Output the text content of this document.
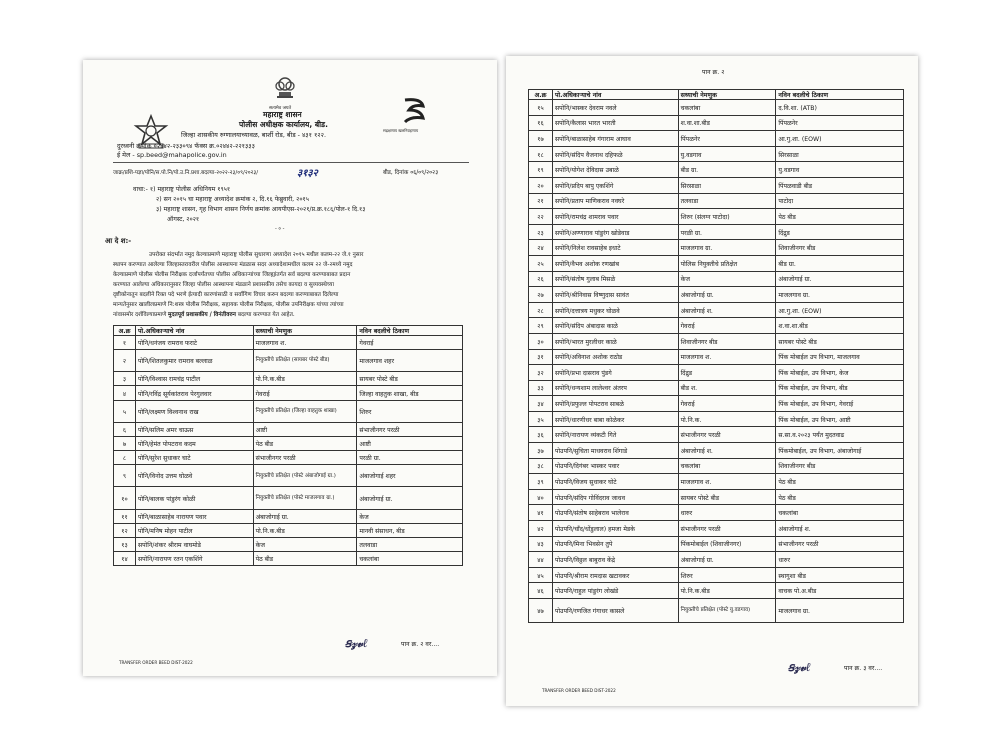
सत्यमेव जयते
सद्रक्षणाय खलनिग्रहणाय
महाराष्ट्र शासन
पोलीस अधीक्षक कार्यालय, बीड.
जिल्हा शासकीय रुग्णालयाच्यावळ, बार्शी रोड, बीड - ४३१ १२२.
दुरध्वनी क्रमांक ०२४४२-२३३०९४ फॅक्स क्र.०२४४२-२२१३३३
ई मेल - sp.beed@mahapolice.gov.in
जाक्र/प्रशि-पज्ञा/पोनि/स.पो.नि/पो.उ.नि.प्रशा.बदल्या-२०२२-२३/०९/२०२३/	३१३२	बीड, दिनांक ०६/०९/२०२३
वाचा:- १) महाराष्ट्र पोलीस अधिनियम १९५१
२) सन २०१५ चा महाराष्ट्र अध्यादेश क्रमांक २, दि.१६ फेब्रुवारी, २०१५
३) महाराष्ट्र शासन, गृह विभाग शासन निर्णय क्रमांक आयपीएस-२०२१/प्र.क्र.१८६/पोल-१ दि.१३
ऑगस्ट, २०२१
- ० -
आ दे श:-
उपरोक्त संदर्भात नमुद केल्याप्रमाणे महाराष्ट्र पोलीस सुधारणा अध्यादेश २०१५ मधील कलम-२२ जे.१ नुसार
स्थापन करण्यात आलेल्या जिल्हास्तरावरील पोलीस आस्थापना मंडळास सदर अध्यादेशामधील कलम २२ जे-२मध्ये नमुद
केल्याप्रमाणे पोलीस पोलीस निरीक्षक दर्जापर्यंतच्या पोलीस अधिकाऱ्यांच्या जिल्ह्यांतर्गत सर्व बदल्या करण्याबाबत प्रदान
करण्यात आलेल्या अधिकारानुसार जिल्हा पोलीस आस्थापना मंडळाने प्रशासकीय तसेच कायदा व सुव्यवस्थेच्या
दृष्टीकोनातुन बदलीने रिक्त पदे भरणे ईत्यादी कारणांसाठी व सर्वांगिण विचार करुन बदल्या करण्याबाबत दिलेल्या
मान्यतेनुसार खालीलप्रमाणे नि:शस्त्र पोलीस निरीक्षक, सहायक पोलीस निरीक्षक, पोलीस उपनिरीक्षक यांच्या त्यांच्या
नांवासमोर दर्शविल्याप्रमाणे मुदतपूर्व प्रशासकीय / विनंतीवरुन बदल्या करण्यात येत आहेत.
अ.क्र	पो.अधिकाऱ्याचे नांव	सध्याची नेमणुक	नविन बदलीचे ठिकाण
१	पोनि/धनंजय रामराव फराटे	माजलगाव श.	गेवराई
२	पोनि/शितलकुमार रामराव बल्लाळ	नियुक्तीचे प्रतिक्षेत (सायबर पोस्टे बीड)	माजलगाव शहर
३	पोनि/विश्वास रामचंद्र पाटील	पो.नि.क.बीड	सायबर पोस्टे बीड
४	पोनि/रविंद्र सूर्यकांतराव पेरगुलवार	गेवराई	जिल्हा वाहतुक शाखा, बीड
५	पोनि/लक्ष्मण विश्वनाथ राख	नियुक्तीचे प्रतिक्षेत (जिल्हा वाहतुक शाखा)	शिरुर
६	पोनि/सलिम अमर चाऊस	आष्टी	संभाजीनगर परळी
७	पोनि/हेमंत पोपटराव कदम	पेठ बीड	आष्टी
८	पोनि/सुरेश सुधाकर चाटे	संभाजीनगर परळी	परळी ग्रा.
९	पोनि/विनोद उत्तम घोळवे	नियुक्तीचे प्रतिक्षेत (पोस्टे अंबाजोगाई ग्रा.)	अंबाजोगाई शहर
१०	पोनि/बालक पांडुरंग कोळी	नियुक्तीचे प्रतिक्षेत (पोस्टे माजलगाव ग्रा.)	अंबाजोगाई ग्रा.
११	पोनि/बाळासाहेब नारायण पवार	अंबाजोगाई ग्रा.	केज
१२	पोनि/मनिष मोहन पाटील	पो.नि.क.बीड	मानवी संसाधन, बीड
१३	सपोनि/शंकर श्रीराम वाघमोडे	केज	तलवाडा
१४	सपोनि/नारायण रतन एकशिंगे	पेठ बीड	चकलांबा
ꞩ𝓏𝓋ℓ	पान क्र. २ वर....
TRANSFER ORDER BEED DIST-2022
पान क्र. २
अ.क्र	पो.अधिकाऱ्याचे नांव	सध्याची नेमणुक	नविन बदलीचे ठिकाण
१५	सपोनि/भास्कर देवराम नवले	चकलांबा	द.वि.शा. (ATB)
१६	सपोनि/कैलास भारत भारती	श.वा.शा.बीड	पिंपळनेर
१७	सपोनि/बाळासाहेब गंगाराम आघाव	पिंपळनेर	आ.गु.शा. (EOW)
१८	सपोनि/संदिप वैजनाथ दहिफळे	यु.वडगाव	सिरसाळा
१९	सपोनि/योगेश देविदास उबाळे	बीड ग्रा.	यु.वडगाव
२०	सपोनि/प्रदिप बापु एकशिंगे	सिरसाळा	पिंपळवाडी बीड
२१	सपोनि/प्रताप माणिकराव नवघरे	तलवाडा	पाटोदा
२२	सपोनि/रामचंद्र शामराव पवार	शिरुर (संलग्न पाटोदा)	पेठ बीड
२३	सपोनि/अण्णाराव पांडुरंग खोडेवाड	परळी ग्रा.	दिंद्रुड
२४	सपोनि/निलेश रावसाहेब इधाटे	माजलगाव ग्रा.	शिवाजीनगर बीड
२५	सपोनि/वैभव अशोक रणखांब	पोलिस नियुक्तीचे प्रतिक्षेत	बीड ग्रा.
२६	सपोनि/संतोष गुलाब मिसळे	केज	अंबाजोगाई ग्रा.
२७	सपोनि/श्रीनिवास विष्णुदास सावंत	अंबाजोगाई ग्रा.	माजलगाव ग्रा.
२८	सपोनि/दत्तात्रय मधुकर घोळवे	अंबाजोगाई श.	आ.गु.शा. (EOW)
२९	सपोनि/संदिप अंबादास काळे	गेवराई	श.वा.शा.बीड
३०	सपोनि/भारत मुरलीधर काळे	शिवाजीनगर बीड	सायबर पोस्टे बीड
३१	सपोनि/अविनाश अशोक राठोड	माजलगाव श.	पिंक मोबाईल उप विभाग, माजलगाव
३२	सपोनि/प्रभा दासराव पुंडगे	दिंद्रुड	पिंक मोबाईल, उप विभाग, केज
३३	सपोनि/धन्यशाम लालेश्वर अंतरप	बीड श.	पिंक मोबाईल, उप विभाग, बीड
३४	सपोनि/प्रफुल्ल पोपटराव साबळे	गेवराई	पिंक मोबाईल, उप विभाग, गेवराई
३५	सपोनि/धारणीधर बाबा कोळेकर	पो.नि.क.	पिंक मोबाईल, उप विभाग, आष्टी
३६	सपोनि/नारायण व्यंकटी गिते	संभाजीनगर परळी	स.सा.व.२०२३ पर्यंत मुदतवाढ
३७	पोउपनि/सुचिता माधवराव शिंगाडे	अंबाजोगाई श.	पिंकमोबाईल, उप विभाग, अंबाजोगाई
३८	पोउपनि/दिगंबर भास्कर पवार	चकलांबा	शिवाजीनगर बीड
३९	पोउपनि/विजय सुधाकर घोटे	माजलगाव श.	पेठ बीड
४०	पोउपनि/संदिप गोविंदराव जाधव	सायबर पोस्टे बीड	पेठ बीड
४१	पोउपनि/संतोष साहेबराव भालेराव	धारुर	चकलांबा
४२	पोउपनि/चाँद/धोंडुलाल) हमजा मेडके	संभाजीनगर परळी	अंबाजोगाई श.
४३	पोउपनि/मिना भिवसेन तुपे	पिंकमोबाईल (शिवाजीनगर)	संभाजीनगर परळी
४४	पोउपनि/विठ्ठल बाबुराव केंद्रे	अंबाजोगाई ग्रा.	धारुर
४५	पोउपनि/श्रीराम रामदास खटावकर	शिरुर	स्थागुशा बीड
४६	पोउपनि/राहुल पांडुरंग लोखंडे	पो.नि.क.बीड	वाचक पो.अ.बीड
४७	पोउपनि/रणजित गंगाधर कासले	नियुक्तीचे प्रतिक्षेत (पोस्टे यु.वडगाव)	माजलगाव ग्रा.
ꞩ𝓏𝓋ℓ	पान क्र. ३ वर....
TRANSFER ORDER BEED DIST-2022
